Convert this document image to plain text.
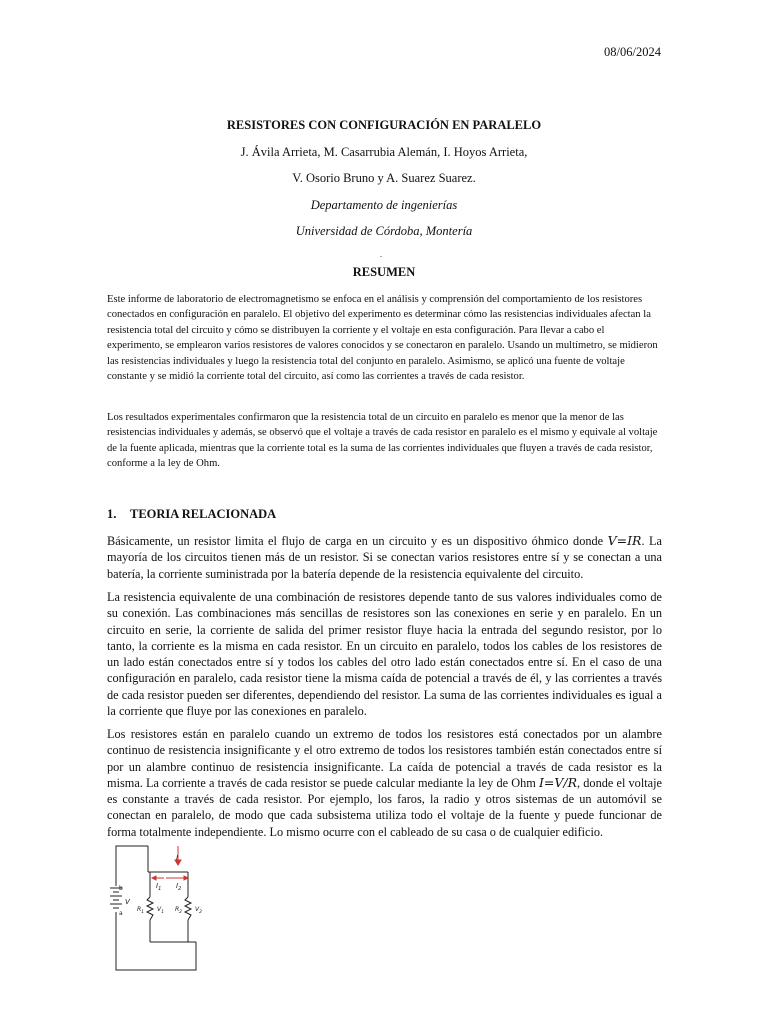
08/06/2024
RESISTORES CON CONFIGURACIÓN EN PARALELO
J. Ávila Arrieta, M. Casarrubia Alemán, I. Hoyos Arrieta,
V. Osorio Bruno y A. Suarez Suarez.
Departamento de ingenierías
Universidad de Córdoba, Montería
.
RESUMEN

Este informe de laboratorio de electromagnetismo se enfoca en el análisis y comprensión del comportamiento de los resistores conectados en configuración en paralelo. El objetivo del experimento es determinar cómo las resistencias individuales afectan la resistencia total del circuito y cómo se distribuyen la corriente y el voltaje en esta configuración. Para llevar a cabo el experimento, se emplearon varios resistores de valores conocidos y se conectaron en paralelo. Usando un multímetro, se midieron las resistencias individuales y luego la resistencia total del conjunto en paralelo. Asimismo, se aplicó una fuente de voltaje constante y se midió la corriente total del circuito, así como las corrientes a través de cada resistor.

Los resultados experimentales confirmaron que la resistencia total de un circuito en paralelo es menor que la menor de las resistencias individuales y además, se observó que el voltaje a través de cada resistor en paralelo es el mismo y equivale al voltaje de la fuente aplicada, mientras que la corriente total es la suma de las corrientes individuales que fluyen a través de cada resistor, conforme a la ley de Ohm.

1. TEORIA RELACIONADA

Básicamente, un resistor limita el flujo de carga en un circuito y es un dispositivo óhmico donde V=IR. La mayoría de los circuitos tienen más de un resistor. Si se conectan varios resistores entre sí y se conectan a una batería, la corriente suministrada por la batería depende de la resistencia equivalente del circuito.

La resistencia equivalente de una combinación de resistores depende tanto de sus valores individuales como de su conexión. Las combinaciones más sencillas de resistores son las conexiones en serie y en paralelo. En un circuito en serie, la corriente de salida del primer resistor fluye hacia la entrada del segundo resistor, por lo tanto, la corriente es la misma en cada resistor. En un circuito en paralelo, todos los cables de los resistores de un lado están conectados entre sí y todos los cables del otro lado están conectados entre sí. En el caso de una configuración en paralelo, cada resistor tiene la misma caída de potencial a través de él, y las corrientes a través de cada resistor pueden ser diferentes, dependiendo del resistor. La suma de las corrientes individuales es igual a la corriente que fluye por las conexiones en paralelo.

Los resistores están en paralelo cuando un extremo de todos los resistores está conectados por un alambre continuo de resistencia insignificante y el otro extremo de todos los resistores también están conectados entre sí por un alambre continuo de resistencia insignificante. La caída de potencial a través de cada resistor es la misma. La corriente a través de cada resistor se puede calcular mediante la ley de Ohm I=V/R, donde el voltaje es constante a través de cada resistor. Por ejemplo, los faros, la radio y otros sistemas de un automóvil se conectan en paralelo, de modo que cada subsistema utiliza todo el voltaje de la fuente y puede funcionar de forma totalmente independiente. Lo mismo ocurre con el cableado de su casa o de cualquier edificio.

I
$I_1$ $I_2$
b
a
V
$R_1$ $V_1$ $R_2$ $V_2$
